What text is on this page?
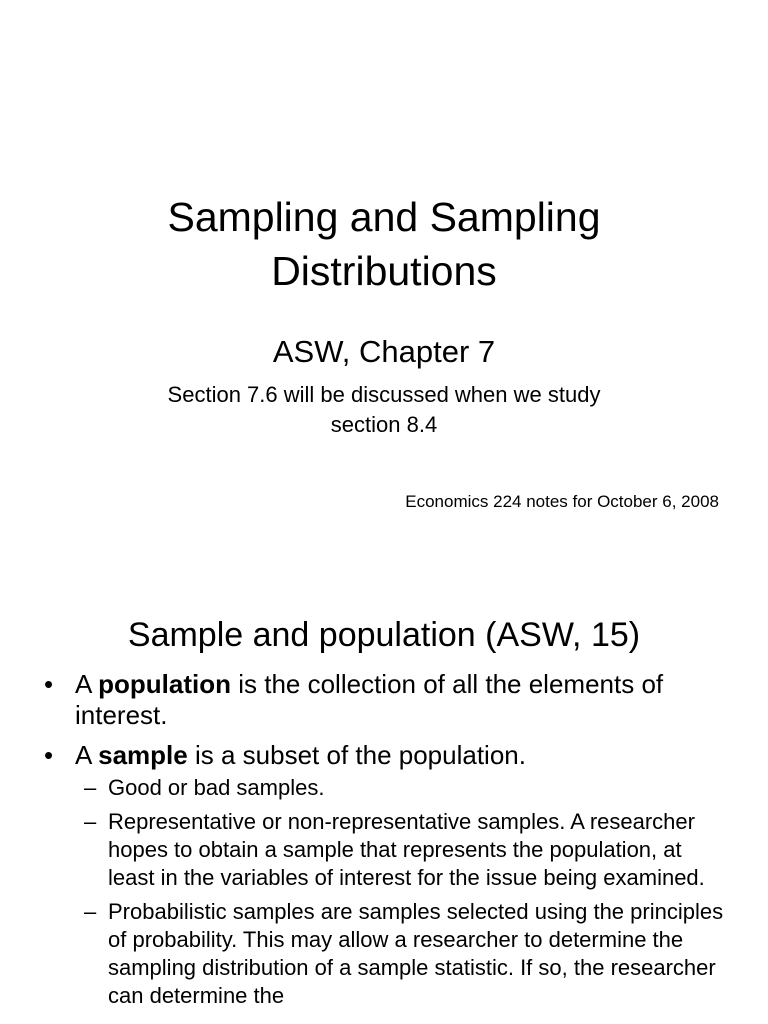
Sampling and Sampling
Distributions

ASW, Chapter 7

Section 7.6 will be discussed when we study
section 8.4

Economics 224 notes for October 6, 2008

Sample and population (ASW, 15)
• A population is the collection of all the elements of interest.
• A sample is a subset of the population.
– Good or bad samples.
– Representative or non-representative samples. A researcher hopes to obtain a sample that represents the population, at least in the variables of interest for the issue being examined.
– Probabilistic samples are samples selected using the principles of probability. This may allow a researcher to determine the sampling distribution of a sample statistic. If so, the researcher can determine the
